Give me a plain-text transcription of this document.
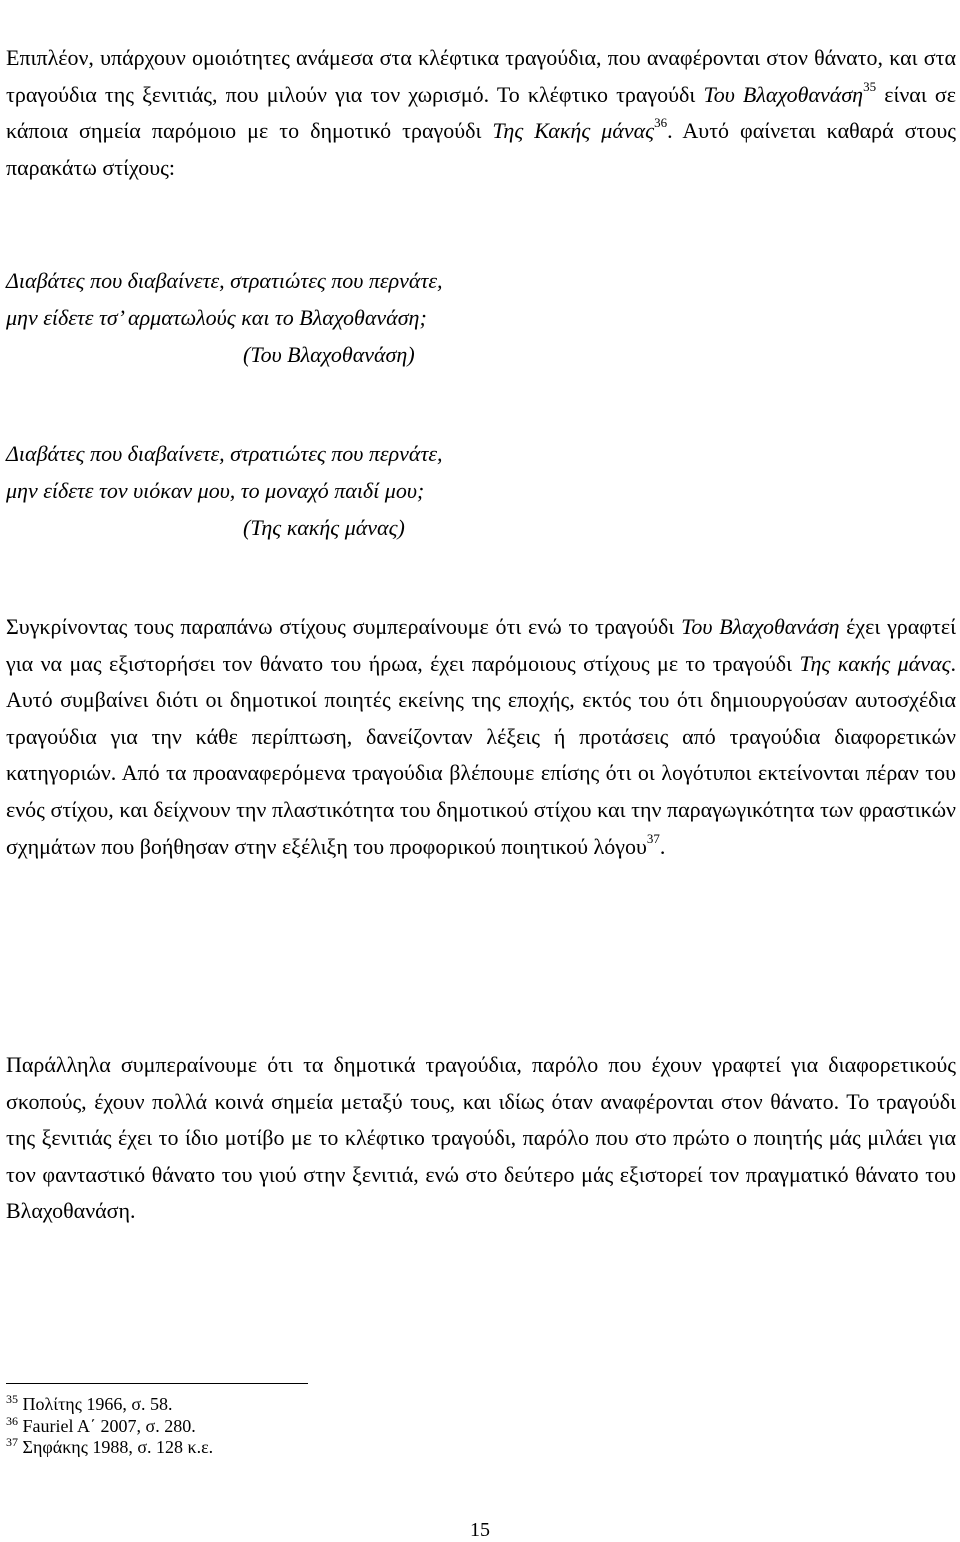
Επιπλέον, υπάρχουν ομοιότητες ανάμεσα στα κλέφτικα τραγούδια, που αναφέρονται στον θάνατο, και στα τραγούδια της ξενιτιάς, που μιλούν για τον χωρισμό. Το κλέφτικο τραγούδι Του Βλαχοθανάση$^{35}$ είναι σε κάποια σημεία παρόμοιο με το δημοτικό τραγούδι Της Κακής μάνας$^{36}$. Αυτό φαίνεται καθαρά στους παρακάτω στίχους:

Διαβάτες που διαβαίνετε, στρατιώτες που περνάτε,
μην είδετε τσ’ αρματωλούς και το Βλαχοθανάση;
(Του Βλαχοθανάση)
Διαβάτες που διαβαίνετε, στρατιώτες που περνάτε,
μην είδετε τον υιόκαν μου, το μοναχό παιδί μου;
(Της κακής μάνας)

Συγκρίνοντας τους παραπάνω στίχους συμπεραίνουμε ότι ενώ το τραγούδι Του Βλαχοθανάση έχει γραφτεί για να μας εξιστορήσει τον θάνατο του ήρωα, έχει παρόμοιους στίχους με το τραγούδι Της κακής μάνας. Αυτό συμβαίνει διότι οι δημοτικοί ποιητές εκείνης της εποχής, εκτός του ότι δημιουργούσαν αυτοσχέδια τραγούδια για την κάθε περίπτωση, δανείζονταν λέξεις ή προτάσεις από τραγούδια διαφορετικών κατηγοριών. Από τα προαναφερόμενα τραγούδια βλέπουμε επίσης ότι οι λογότυποι εκτείνονται πέραν του ενός στίχου, και δείχνουν την πλαστικότητα του δημοτικού στίχου και την παραγωγικότητα των φραστικών σχημάτων που βοήθησαν στην εξέλιξη του προφορικού ποιητικού λόγου$^{37}$.

Παράλληλα συμπεραίνουμε ότι τα δημοτικά τραγούδια, παρόλο που έχουν γραφτεί για διαφορετικούς σκοπούς, έχουν πολλά κοινά σημεία μεταξύ τους, και ιδίως όταν αναφέρονται στον θάνατο. Το τραγούδι της ξενιτιάς έχει το ίδιο μοτίβο με το κλέφτικο τραγούδι, παρόλο που στο πρώτο ο ποιητής μάς μιλάει για τον φανταστικό θάνατο του γιού στην ξενιτιά, ενώ στο δεύτερο μάς εξιστορεί τον πραγματικό θάνατο του Βλαχοθανάση.

$^{35}$ Πολίτης 1966, σ. 58.
$^{36}$ Fauriel A΄ 2007, σ. 280.
$^{37}$ Σηφάκης 1988, σ. 128 κ.ε.
15
